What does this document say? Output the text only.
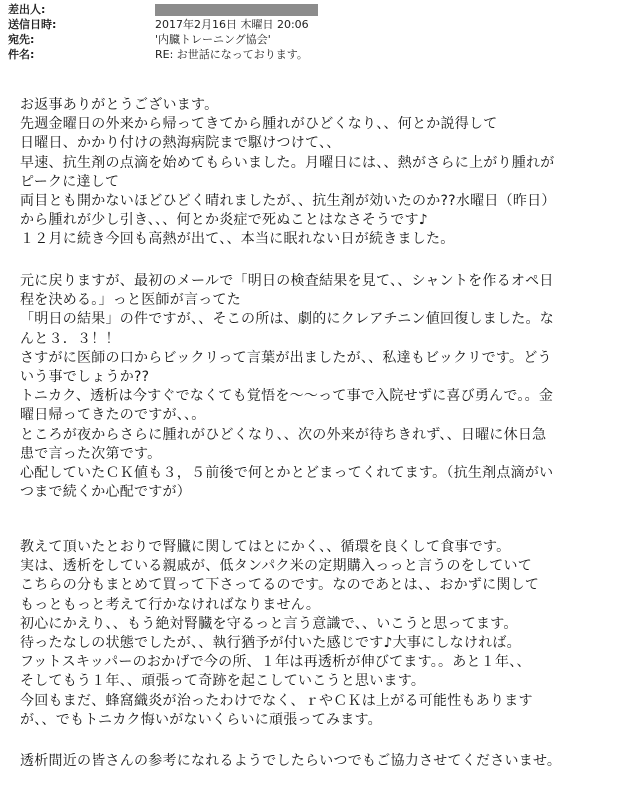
差出人:
送信日時:	2017年2月16日 木曜日 20:06
宛先:	'内臓トレーニング協会'
件名:	RE: お世話になっております。
お返事ありがとうございます。
先週金曜日の外来から帰ってきてから腫れがひどくなり、、何とか説得して
日曜日、かかり付けの熱海病院まで駆けつけて、、
早速、抗生剤の点滴を始めてもらいました。月曜日には、、熱がさらに上がり腫れが
ピークに達して
両目とも開かないほどひどく晴れましたが、、抗生剤が効いたのか??水曜日（昨日）
から腫れが少し引き、、、何とか炎症で死ぬことはなさそうです♪
１２月に続き今回も高熱が出て、、本当に眠れない日が続きました。
元に戻りますが、最初のメールで「明日の検査結果を見て、、シャントを作るオペ日
程を決める。」っと医師が言ってた
「明日の結果」の件ですが、、そこの所は、劇的にクレアチニン値回復しました。な
んと３．３！！
さすがに医師の口からビックリって言葉が出ましたが、、私達もビックリです。どう
いう事でしょうか??
トニカク、透析は今すぐでなくても覚悟を～～って事で入院せずに喜び勇んで。。金
曜日帰ってきたのですが、、。
ところが夜からさらに腫れがひどくなり、、次の外来が待ちきれず、、日曜に休日急
患で言った次第です。
心配していたＣＫ値も３，５前後で何とかとどまってくれてます。（抗生剤点滴がい
つまで続くか心配ですが）
教えて頂いたとおりで腎臓に関してはとにかく、、循環を良くして食事です。
実は、透析をしている親戚が、低タンパク米の定期購入っっと言うのをしていて
こちらの分もまとめて買って下さってるのです。なのであとは、、おかずに関して
もっともっと考えて行かなければなりません。
初心にかえり、、もう絶対腎臓を守るっと言う意識で、、いこうと思ってます。
待ったなしの状態でしたが、、執行猶予が付いた感じです♪大事にしなければ。
フットスキッパーのおかげで今の所、１年は再透析が伸びてます。。あと１年、、
そしてもう１年、、頑張って奇跡を起こしていこうと思います。
今回もまだ、蜂窩織炎が治ったわけでなく、ｒやＣＫは上がる可能性もあります
が、、でもトニカク悔いがないくらいに頑張ってみます。
透析間近の皆さんの参考になれるようでしたらいつでもご協力させてくださいませ。
